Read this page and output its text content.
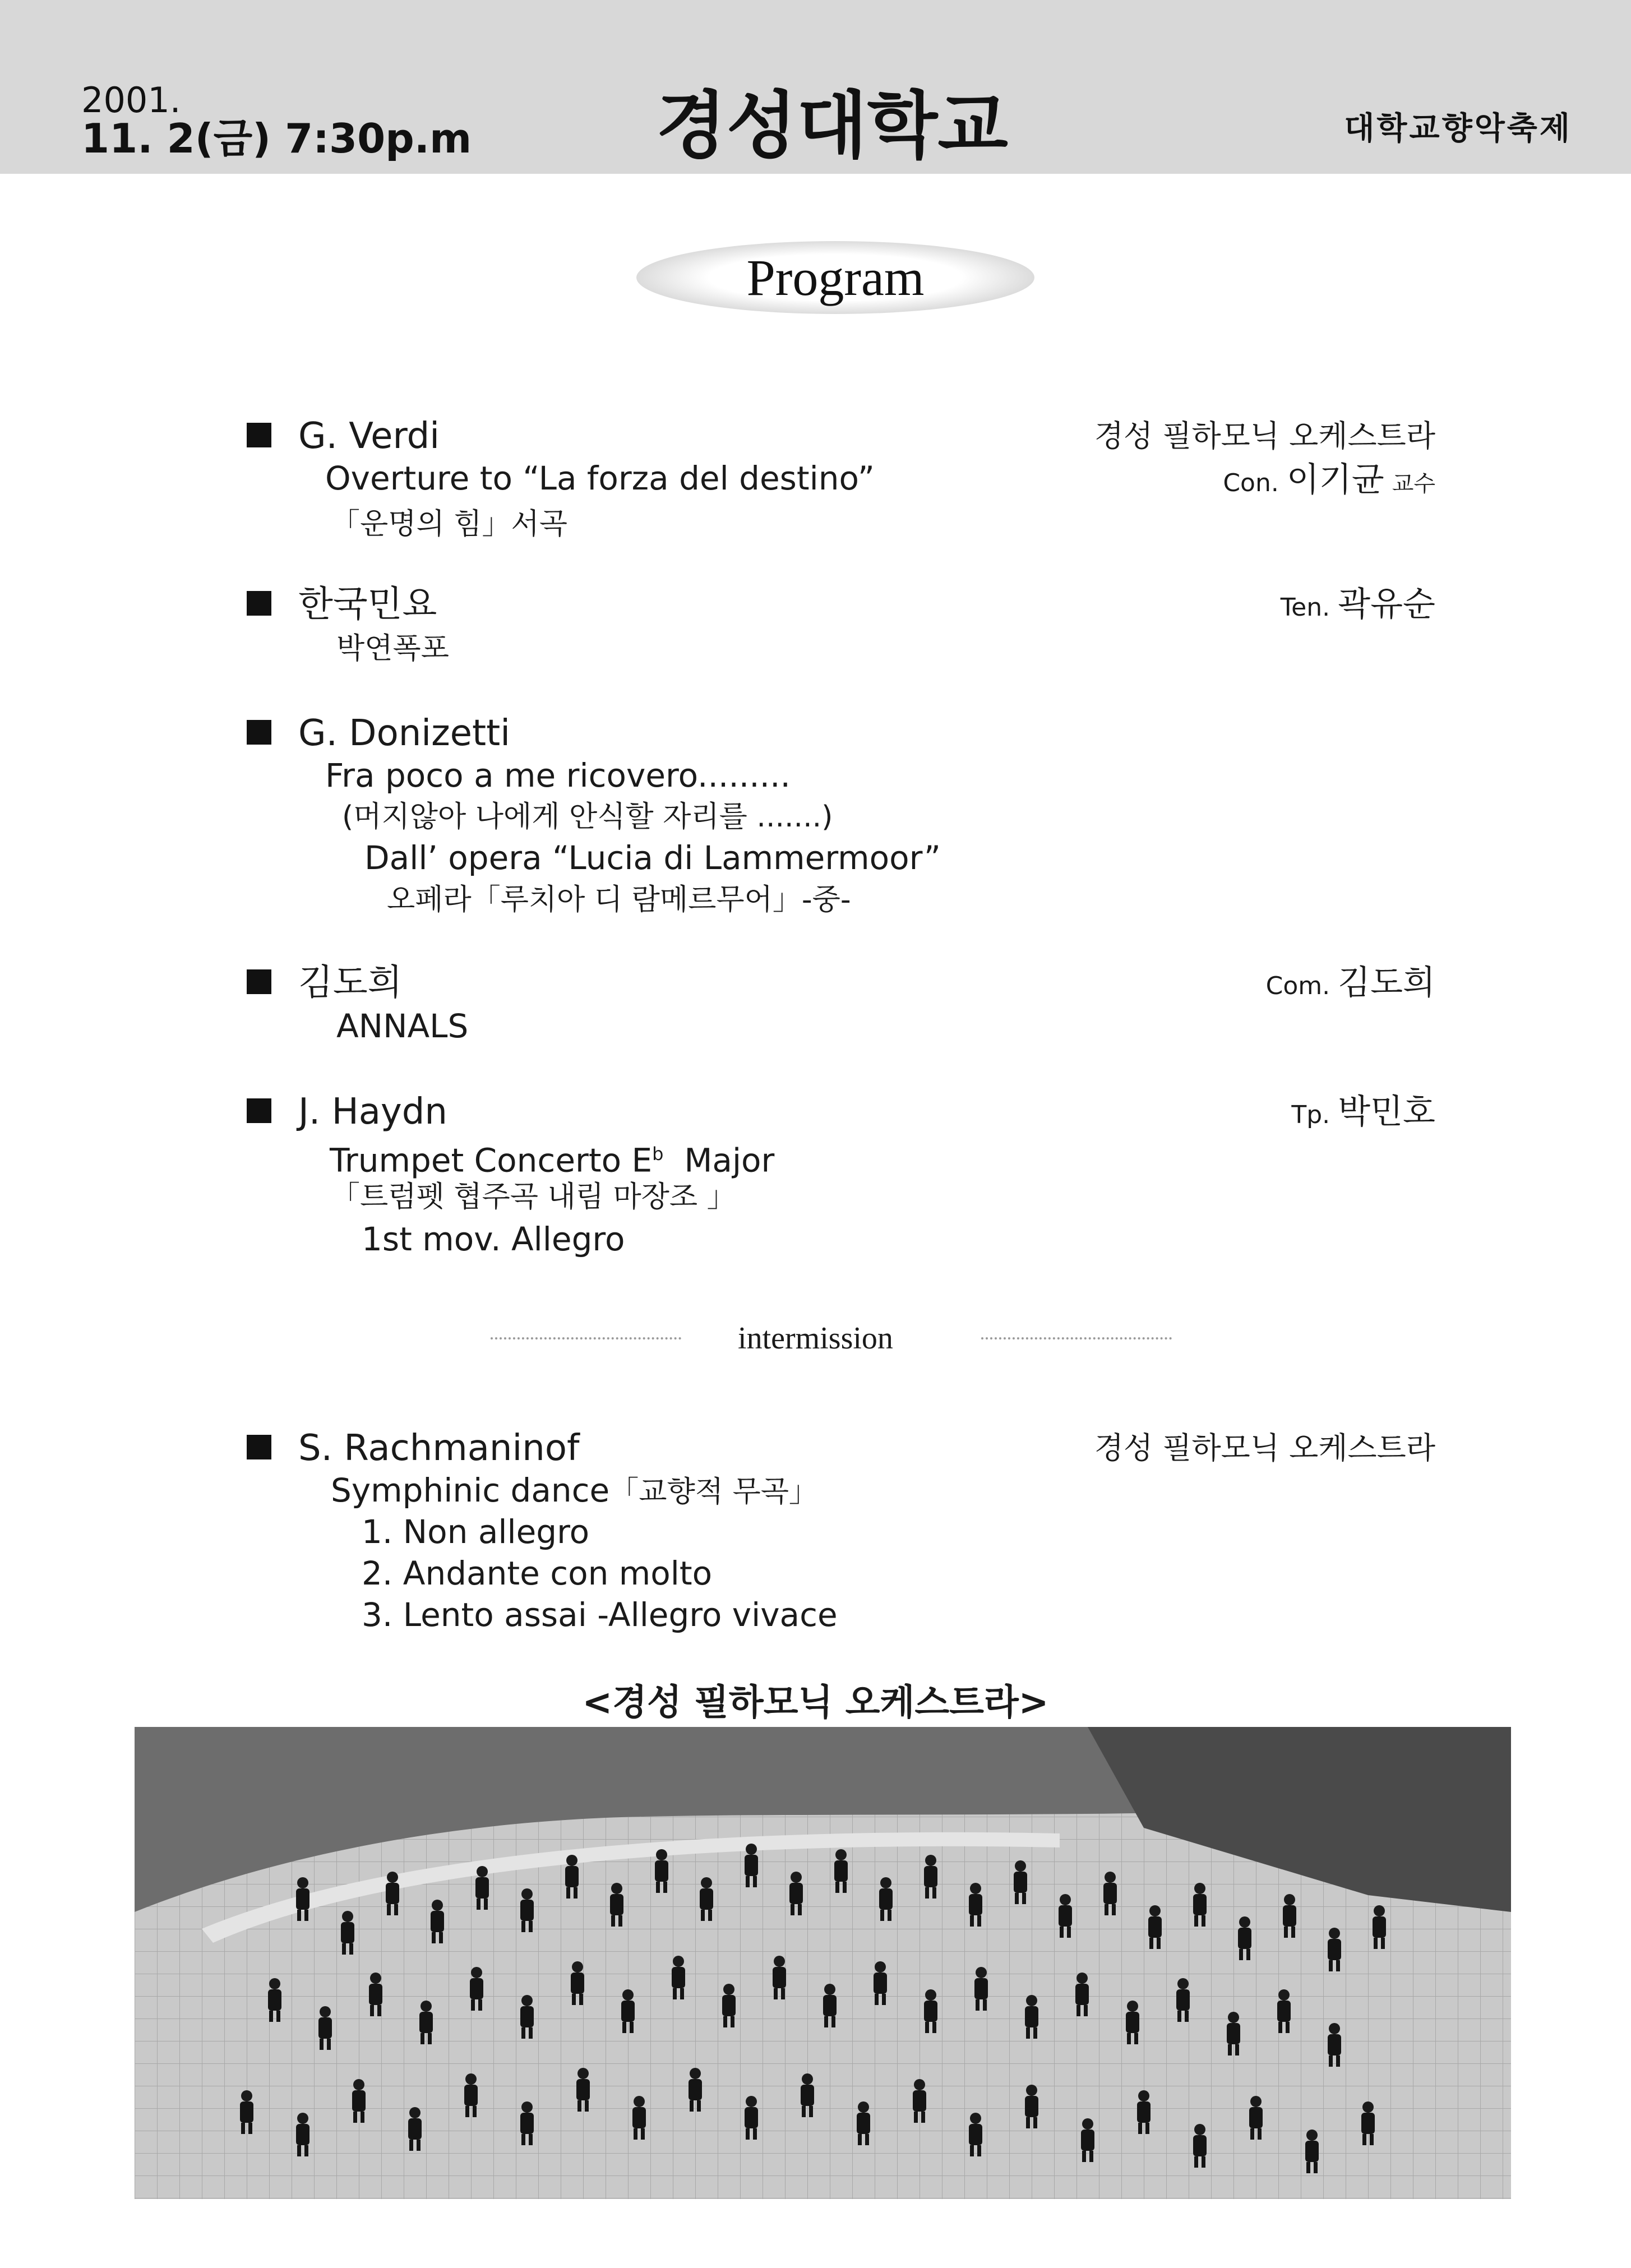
2001.
11. 2(금) 7:30p.m	경성대학교	대학교향악축제
Program
G. Verdi
Overture to “La forza del destino”
「운명의 힘」서곡
경성 필하모닉 오케스트라
Con. 이기균 교수
한국민요
박연폭포
Ten. 곽유순
G. Donizetti
Fra poco a me ricovero.........
(머지않아 나에게 안식할 자리를 .......)
Dall’ opera “Lucia di Lammermoor”
오페라「루치아 디 람메르무어」-중-
김도희
ANNALS
Com. 김도희
J. Haydn
Trumpet Concerto $E^b$ Major
「트럼펫 협주곡 내림 마장조 」
1st mov. Allegro
Tp. 박민호
intermission
S. Rachmaninof
Symphinic dance「교향적 무곡」
1. Non allegro
2. Andante con molto
3. Lento assai -Allegro vivace
경성 필하모닉 오케스트라
<경성 필하모닉 오케스트라>
